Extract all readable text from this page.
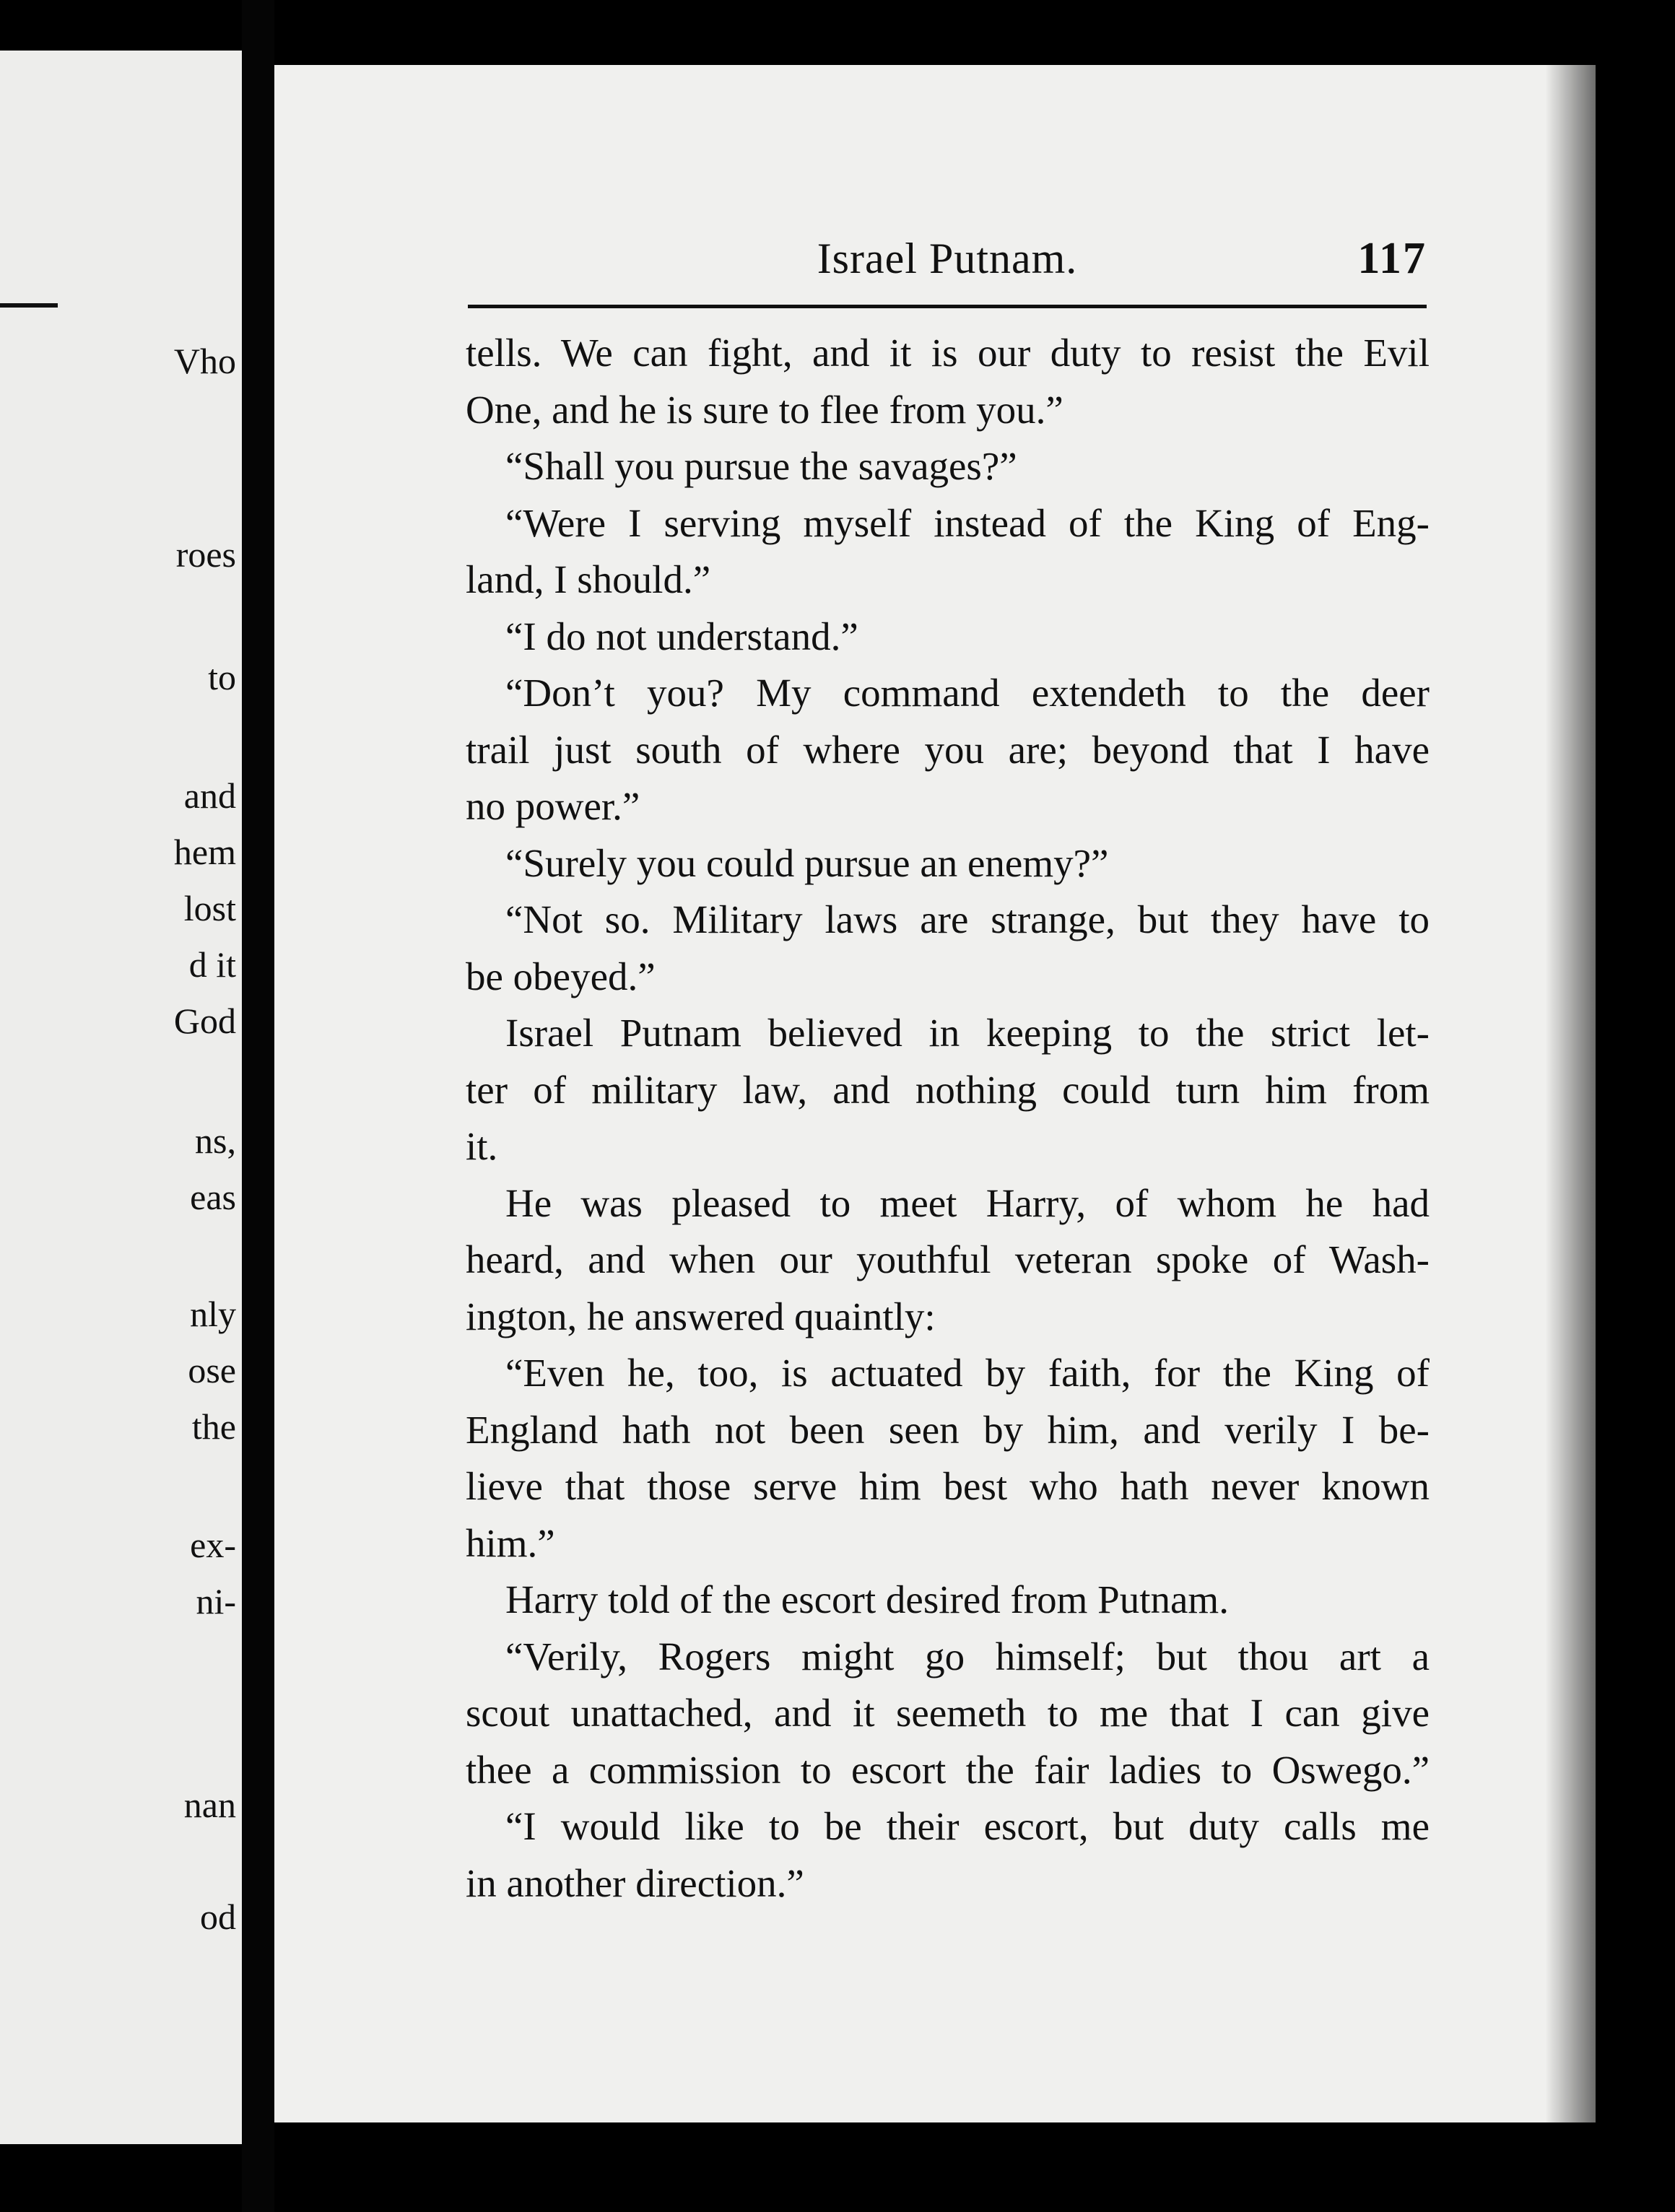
Vho
roes
to
and
hem
lost
d it
God
ns,
eas
nly
ose
the
ex-
ni-
nan
od
Israel Putnam.	117
tells. We can fight, and it is our duty to resist the Evil
One, and he is sure to flee from you.”
“Shall you pursue the savages?”
“Were I serving myself instead of the King of Eng-
land, I should.”
“I do not understand.”
“Don’t you? My command extendeth to the deer
trail just south of where you are; beyond that I have
no power.”
“Surely you could pursue an enemy?”
“Not so. Military laws are strange, but they have to
be obeyed.”
Israel Putnam believed in keeping to the strict let-
ter of military law, and nothing could turn him from
it.
He was pleased to meet Harry, of whom he had
heard, and when our youthful veteran spoke of Wash-
ington, he answered quaintly:
“Even he, too, is actuated by faith, for the King of
England hath not been seen by him, and verily I be-
lieve that those serve him best who hath never known
him.”
Harry told of the escort desired from Putnam.
“Verily, Rogers might go himself; but thou art a
scout unattached, and it seemeth to me that I can give
thee a commission to escort the fair ladies to Oswego.”
“I would like to be their escort, but duty calls me
in another direction.”
